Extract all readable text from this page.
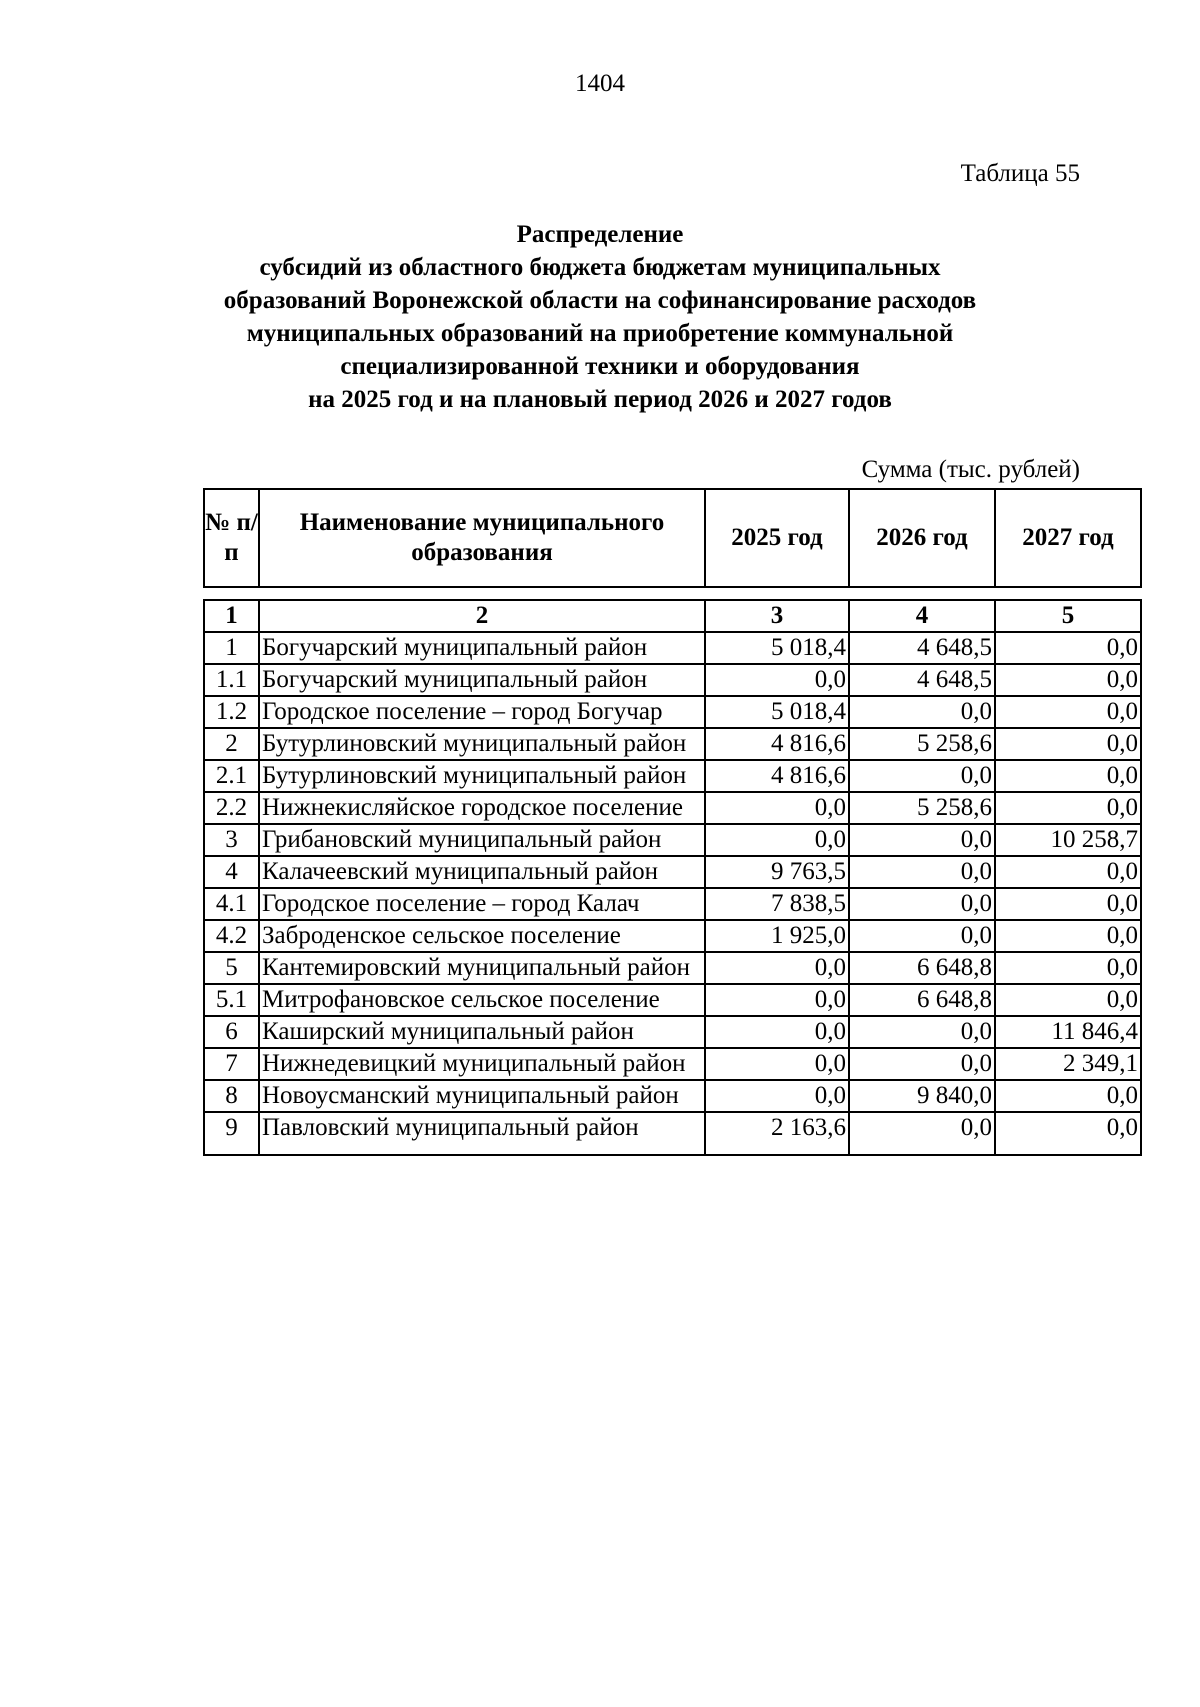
1404
Таблица 55
Распределение
субсидий из областного бюджета бюджетам муниципальных
образований Воронежской области на софинансирование расходов
муниципальных образований на приобретение коммунальной
специализированной техники и оборудования
на 2025 год и на плановый период 2026 и 2027 годов
Сумма (тыс. рублей)
№ п/п	Наименование муниципального образования	2025 год	2026 год	2027 год
1	2	3	4	5
1	Богучарский муниципальный район	5 018,4	4 648,5	0,0
1.1	Богучарский муниципальный район	0,0	4 648,5	0,0
1.2	Городское поселение – город Богучар	5 018,4	0,0	0,0
2	Бутурлиновский муниципальный район	4 816,6	5 258,6	0,0
2.1	Бутурлиновский муниципальный район	4 816,6	0,0	0,0
2.2	Нижнекисляйское городское поселение	0,0	5 258,6	0,0
3	Грибановский муниципальный район	0,0	0,0	10 258,7
4	Калачеевский муниципальный район	9 763,5	0,0	0,0
4.1	Городское поселение – город Калач	7 838,5	0,0	0,0
4.2	Заброденское сельское поселение	1 925,0	0,0	0,0
5	Кантемировский муниципальный район	0,0	6 648,8	0,0
5.1	Митрофановское сельское поселение	0,0	6 648,8	0,0
6	Каширский муниципальный район	0,0	0,0	11 846,4
7	Нижнедевицкий муниципальный район	0,0	0,0	2 349,1
8	Новоусманский муниципальный район	0,0	9 840,0	0,0
9	Павловский муниципальный район	2 163,6	0,0	0,0
